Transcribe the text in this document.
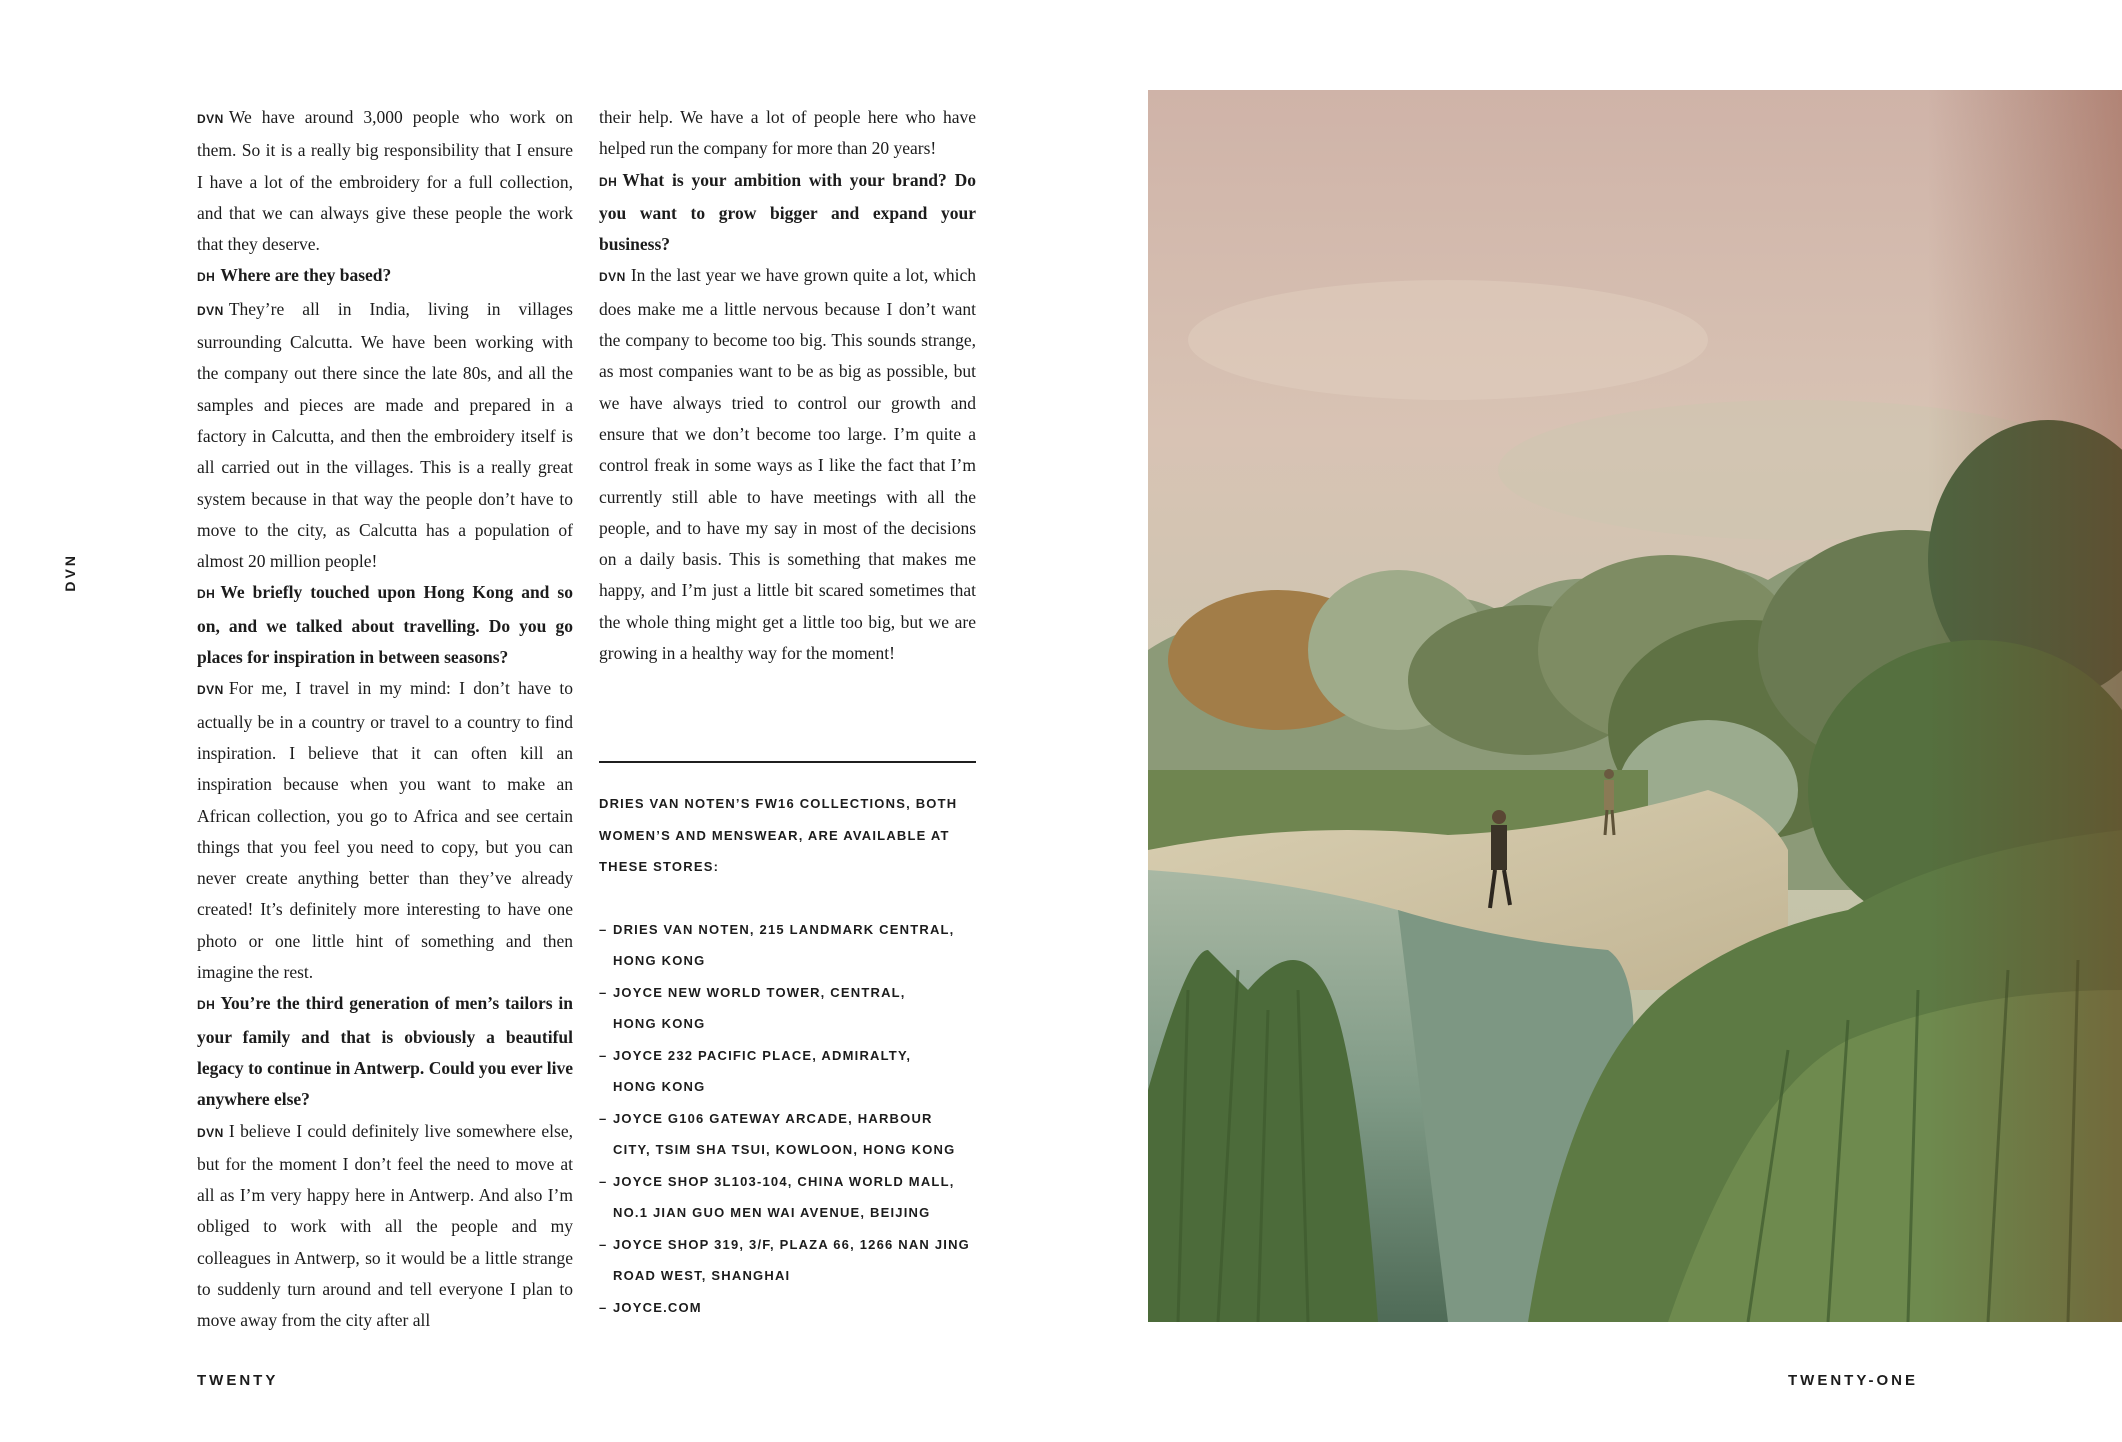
DVN

DVN We have around 3,000 people who work on them. So it is a really big responsibility that I ensure I have a lot of the embroidery for a full collection, and that we can always give these people the work that they deserve.

DH Where are they based?

DVN They’re all in India, living in villages surrounding Calcutta. We have been working with the company out there since the late 80s, and all the samples and pieces are made and prepared in a factory in Calcutta, and then the embroidery itself is all carried out in the villages. This is a really great system because in that way the people don’t have to move to the city, as Calcutta has a population of almost 20 million people!

DH We briefly touched upon Hong Kong and so on, and we talked about travelling. Do you go places for inspiration in between seasons?

DVN For me, I travel in my mind: I don’t have to actually be in a country or travel to a country to find inspiration. I believe that it can often kill an inspiration because when you want to make an African collection, you go to Africa and see certain things that you feel you need to copy, but you can never create anything better than they’ve already created! It’s definitely more interesting to have one photo or one little hint of something and then imagine the rest.

DH You’re the third generation of men’s tailors in your family and that is obviously a beautiful legacy to continue in Antwerp. Could you ever live anywhere else?

DVN I believe I could definitely live somewhere else, but for the moment I don’t feel the need to move at all as I’m very happy here in Antwerp. And also I’m obliged to work with all the people and my colleagues in Antwerp, so it would be a little strange to suddenly turn around and tell everyone I plan to move away from the city after all

their help. We have a lot of people here who have helped run the company for more than 20 years!

DH What is your ambition with your brand? Do you want to grow bigger and expand your business?

DVN In the last year we have grown quite a lot, which does make me a little nervous because I don’t want the company to become too big. This sounds strange, as most companies want to be as big as possible, but we have always tried to control our growth and ensure that we don’t become too large. I’m quite a control freak in some ways as I like the fact that I’m currently still able to have meetings with all the people, and to have my say in most of the decisions on a daily basis. This is something that makes me happy, and I’m just a little bit scared sometimes that the whole thing might get a little too big, but we are growing in a healthy way for the moment!

DRIES VAN NOTEN’S FW16 COLLECTIONS, BOTH WOMEN’S AND MENSWEAR, ARE AVAILABLE AT THESE STORES:

– DRIES VAN NOTEN, 215 LANDMARK CENTRAL,
HONG KONG
– JOYCE NEW WORLD TOWER, CENTRAL,
HONG KONG
– JOYCE 232 PACIFIC PLACE, ADMIRALTY,
HONG KONG
– JOYCE G106 GATEWAY ARCADE, HARBOUR
CITY, TSIM SHA TSUI, KOWLOON, HONG KONG
– JOYCE SHOP 3L103-104, CHINA WORLD MALL,
NO.1 JIAN GUO MEN WAI AVENUE, BEIJING
– JOYCE SHOP 319, 3/F, PLAZA 66, 1266 NAN JING
ROAD WEST, SHANGHAI
– JOYCE.COM
TWENTY	TWENTY-ONE
